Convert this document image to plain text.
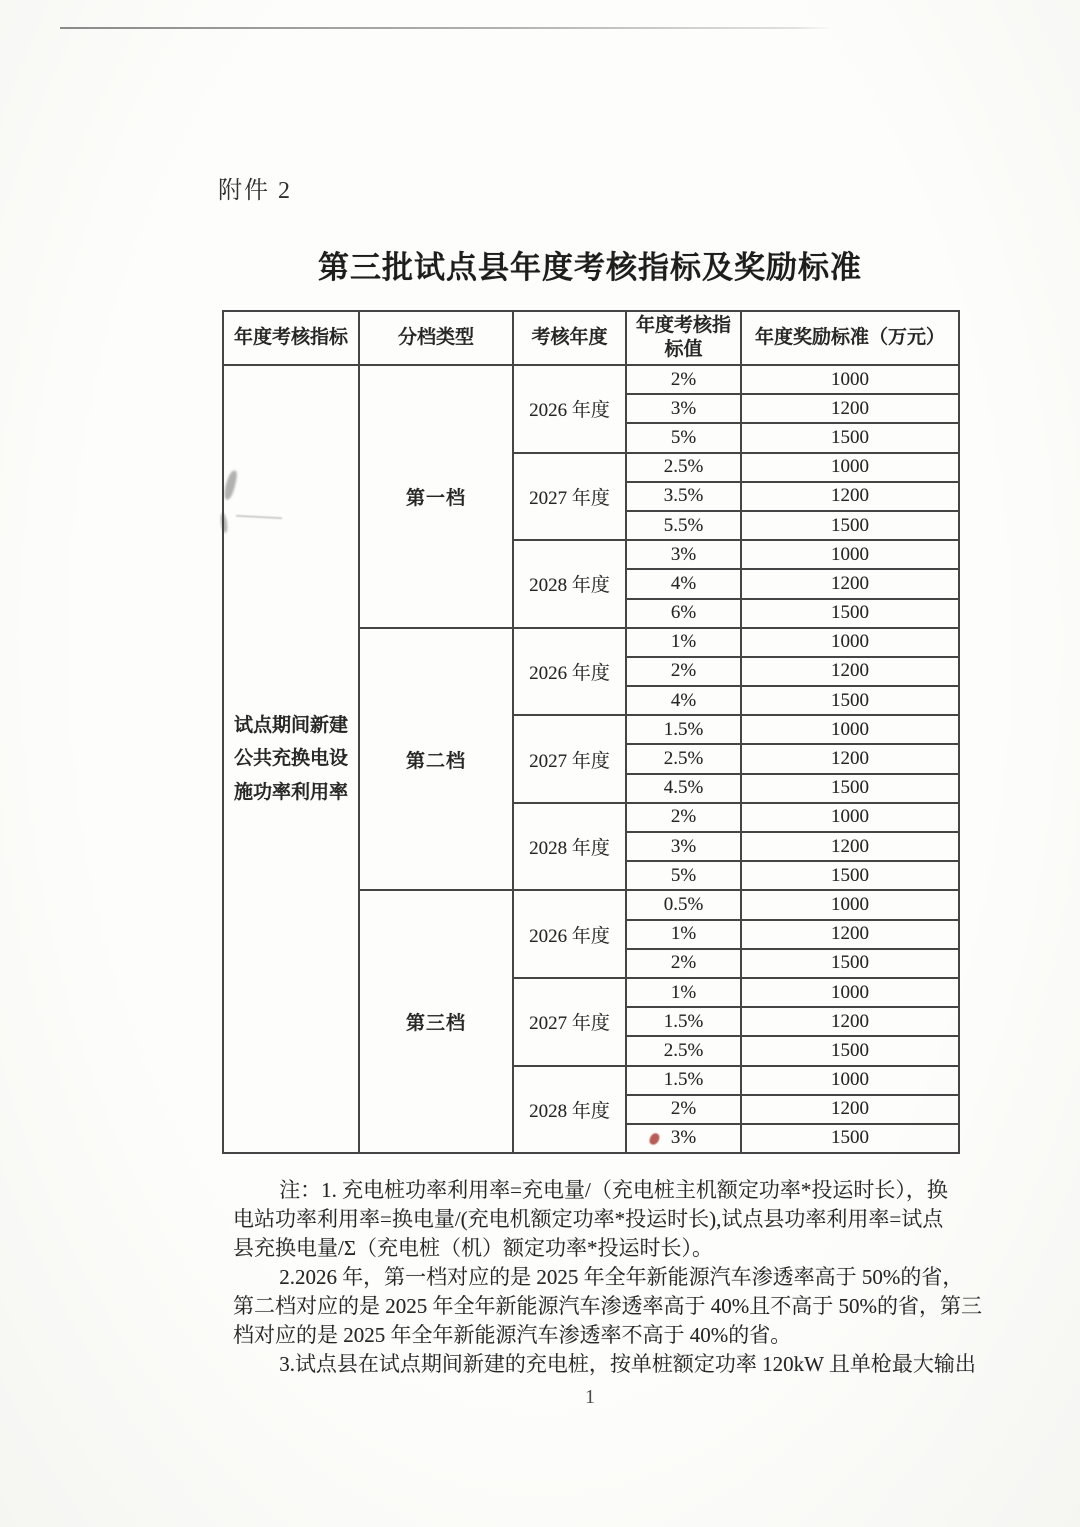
附件 2
第三批试点县年度考核指标及奖励标准
年度考核指标	分档类型	考核年度	年度考核指标值	年度奖励标准（万元）
试点期间新建公共充换电设施功率利用率	第一档	2026 年度	2%	1000
			3%	1200
			5%	1500
		2027 年度	2.5%	1000
			3.5%	1200
			5.5%	1500
		2028 年度	3%	1000
			4%	1200
			6%	1500
	第二档	2026 年度	1%	1000
			2%	1200
			4%	1500
		2027 年度	1.5%	1000
			2.5%	1200
			4.5%	1500
		2028 年度	2%	1000
			3%	1200
			5%	1500
	第三档	2026 年度	0.5%	1000
			1%	1200
			2%	1500
		2027 年度	1%	1000
			1.5%	1200
			2.5%	1500
		2028 年度	1.5%	1000
			2%	1200
			3%	1500
注：1. 充电桩功率利用率=充电量/（充电桩主机额定功率*投运时长），换
电站功率利用率=换电量/(充电机额定功率*投运时长),试点县功率利用率=试点
县充换电量/Σ（充电桩（机）额定功率*投运时长）。
2.2026 年，第一档对应的是 2025 年全年新能源汽车渗透率高于 50%的省，
第二档对应的是 2025 年全年新能源汽车渗透率高于 40%且不高于 50%的省，第三
档对应的是 2025 年全年新能源汽车渗透率不高于 40%的省。
3.试点县在试点期间新建的充电桩，按单桩额定功率 120kW 且单枪最大输出
1
